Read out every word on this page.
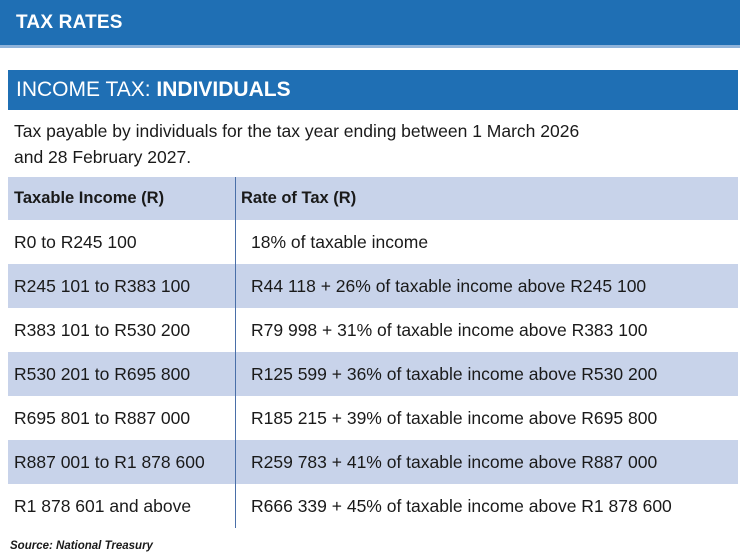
TAX RATES
INCOME TAX: INDIVIDUALS
Tax payable by individuals for the tax year ending between 1 March 2026
and 28 February 2027.
Taxable Income (R)	Rate of Tax (R)
R0 to R245 100	18% of taxable income
R245 101 to R383 100	R44 118 + 26% of taxable income above R245 100
R383 101 to R530 200	R79 998 + 31% of taxable income above R383 100
R530 201 to R695 800	R125 599 + 36% of taxable income above R530 200
R695 801 to R887 000	R185 215 + 39% of taxable income above R695 800
R887 001 to R1 878 600	R259 783 + 41% of taxable income above R887 000
R1 878 601 and above	R666 339 + 45% of taxable income above R1 878 600
Source: National Treasury
